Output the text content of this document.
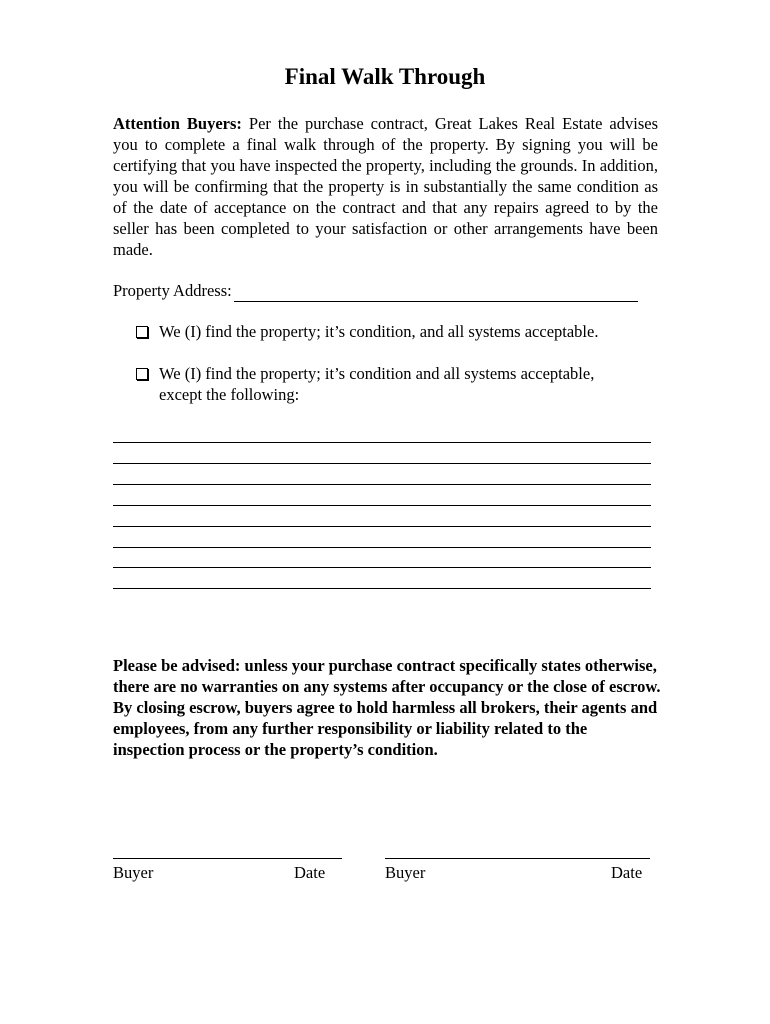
Final Walk Through

Attention Buyers: Per the purchase contract, Great Lakes Real Estate advises you to complete a final walk through of the property. By signing you will be certifying that you have inspected the property, including the grounds. In addition, you will be confirming that the property is in substantially the same condition as of the date of acceptance on the contract and that any repairs agreed to by the seller has been completed to your satisfaction or other arrangements have been made.

Property Address:
We (I) find the property; it’s condition, and all systems acceptable.
We (I) find the property; it’s condition and all systems acceptable, except the following:

Please be advised: unless your purchase contract specifically states otherwise, there are no warranties on any systems after occupancy or the close of escrow. By closing escrow, buyers agree to hold harmless all brokers, their agents and employees, from any further responsibility or liability related to the inspection process or the property’s condition.

Buyer	Date	Buyer	Date
